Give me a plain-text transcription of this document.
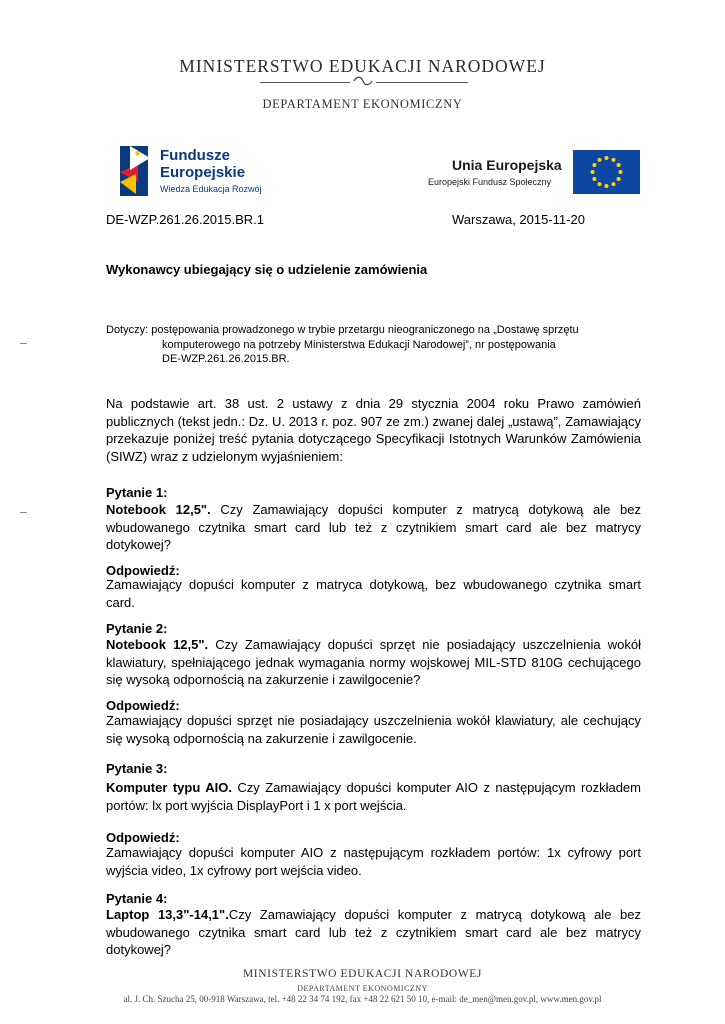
MINISTERSTWO EDUKACJI NARODOWEJ
DEPARTAMENT EKONOMICZNY
Fundusze
Europejskie
Wiedza Edukacja Rozwój
Unia Europejska
Europejski Fundusz Społeczny
DE-WZP.261.26.2015.BR.1	Warszawa, 2015-11-20
Wykonawcy ubiegający się o udzielenie zamówienia
Dotyczy: postępowania prowadzonego w trybie przetargu nieograniczonego na „Dostawę sprzętu
komputerowego na potrzeby Ministerstwa Edukacji Narodowej”, nr postępowania
DE-WZP.261.26.2015.BR.
Na podstawie art. 38 ust. 2 ustawy z dnia 29 stycznia 2004 roku Prawo zamówień publicznych (tekst jedn.: Dz. U. 2013 r. poz. 907 ze zm.) zwanej dalej „ustawą”, Zamawiający przekazuje poniżej treść pytania dotyczącego Specyfikacji Istotnych Warunków Zamówienia (SIWZ) wraz z udzielonym wyjaśnieniem:
Pytanie 1:
Notebook 12,5". Czy Zamawiający dopuści komputer z matrycą dotykową ale bez wbudowanego czytnika smart card lub też z czytnikiem smart card ale bez matrycy dotykowej?
Odpowiedź:
Zamawiający dopuści komputer z matryca dotykową, bez wbudowanego czytnika smart card.
Pytanie 2:
Notebook 12,5". Czy Zamawiający dopuści sprzęt nie posiadający uszczelnienia wokół klawiatury, spełniającego jednak wymagania normy wojskowej MIL-STD 810G cechującego się wysoką odpornością na zakurzenie i zawilgocenie?
Odpowiedź:
Zamawiający dopuści sprzęt nie posiadający uszczelnienia wokół klawiatury, ale cechujący się wysoką odpornością na zakurzenie i zawilgocenie.
Pytanie 3:
Komputer typu AIO. Czy Zamawiający dopuści komputer AIO z następującym rozkładem portów: lx port wyjścia DisplayPort i 1 x port wejścia.
Odpowiedź:
Zamawiający dopuści komputer AIO z następującym rozkładem portów: 1x cyfrowy port wyjścia video, 1x cyfrowy port wejścia video.
Pytanie 4:
Laptop 13,3"-14,1".Czy Zamawiający dopuści komputer z matrycą dotykową ale bez wbudowanego czytnika smart card lub też z czytnikiem smart card ale bez matrycy dotykowej?
MINISTERSTWO EDUKACJI NARODOWEJ
DEPARTAMENT EKONOMICZNY
al. J. Ch. Szucha 25, 00-918 Warszawa, tel. +48 22 34 74 192, fax +48 22 621 50 10, e-mail: de_men@men.gov.pl, www.men.gov.pl
